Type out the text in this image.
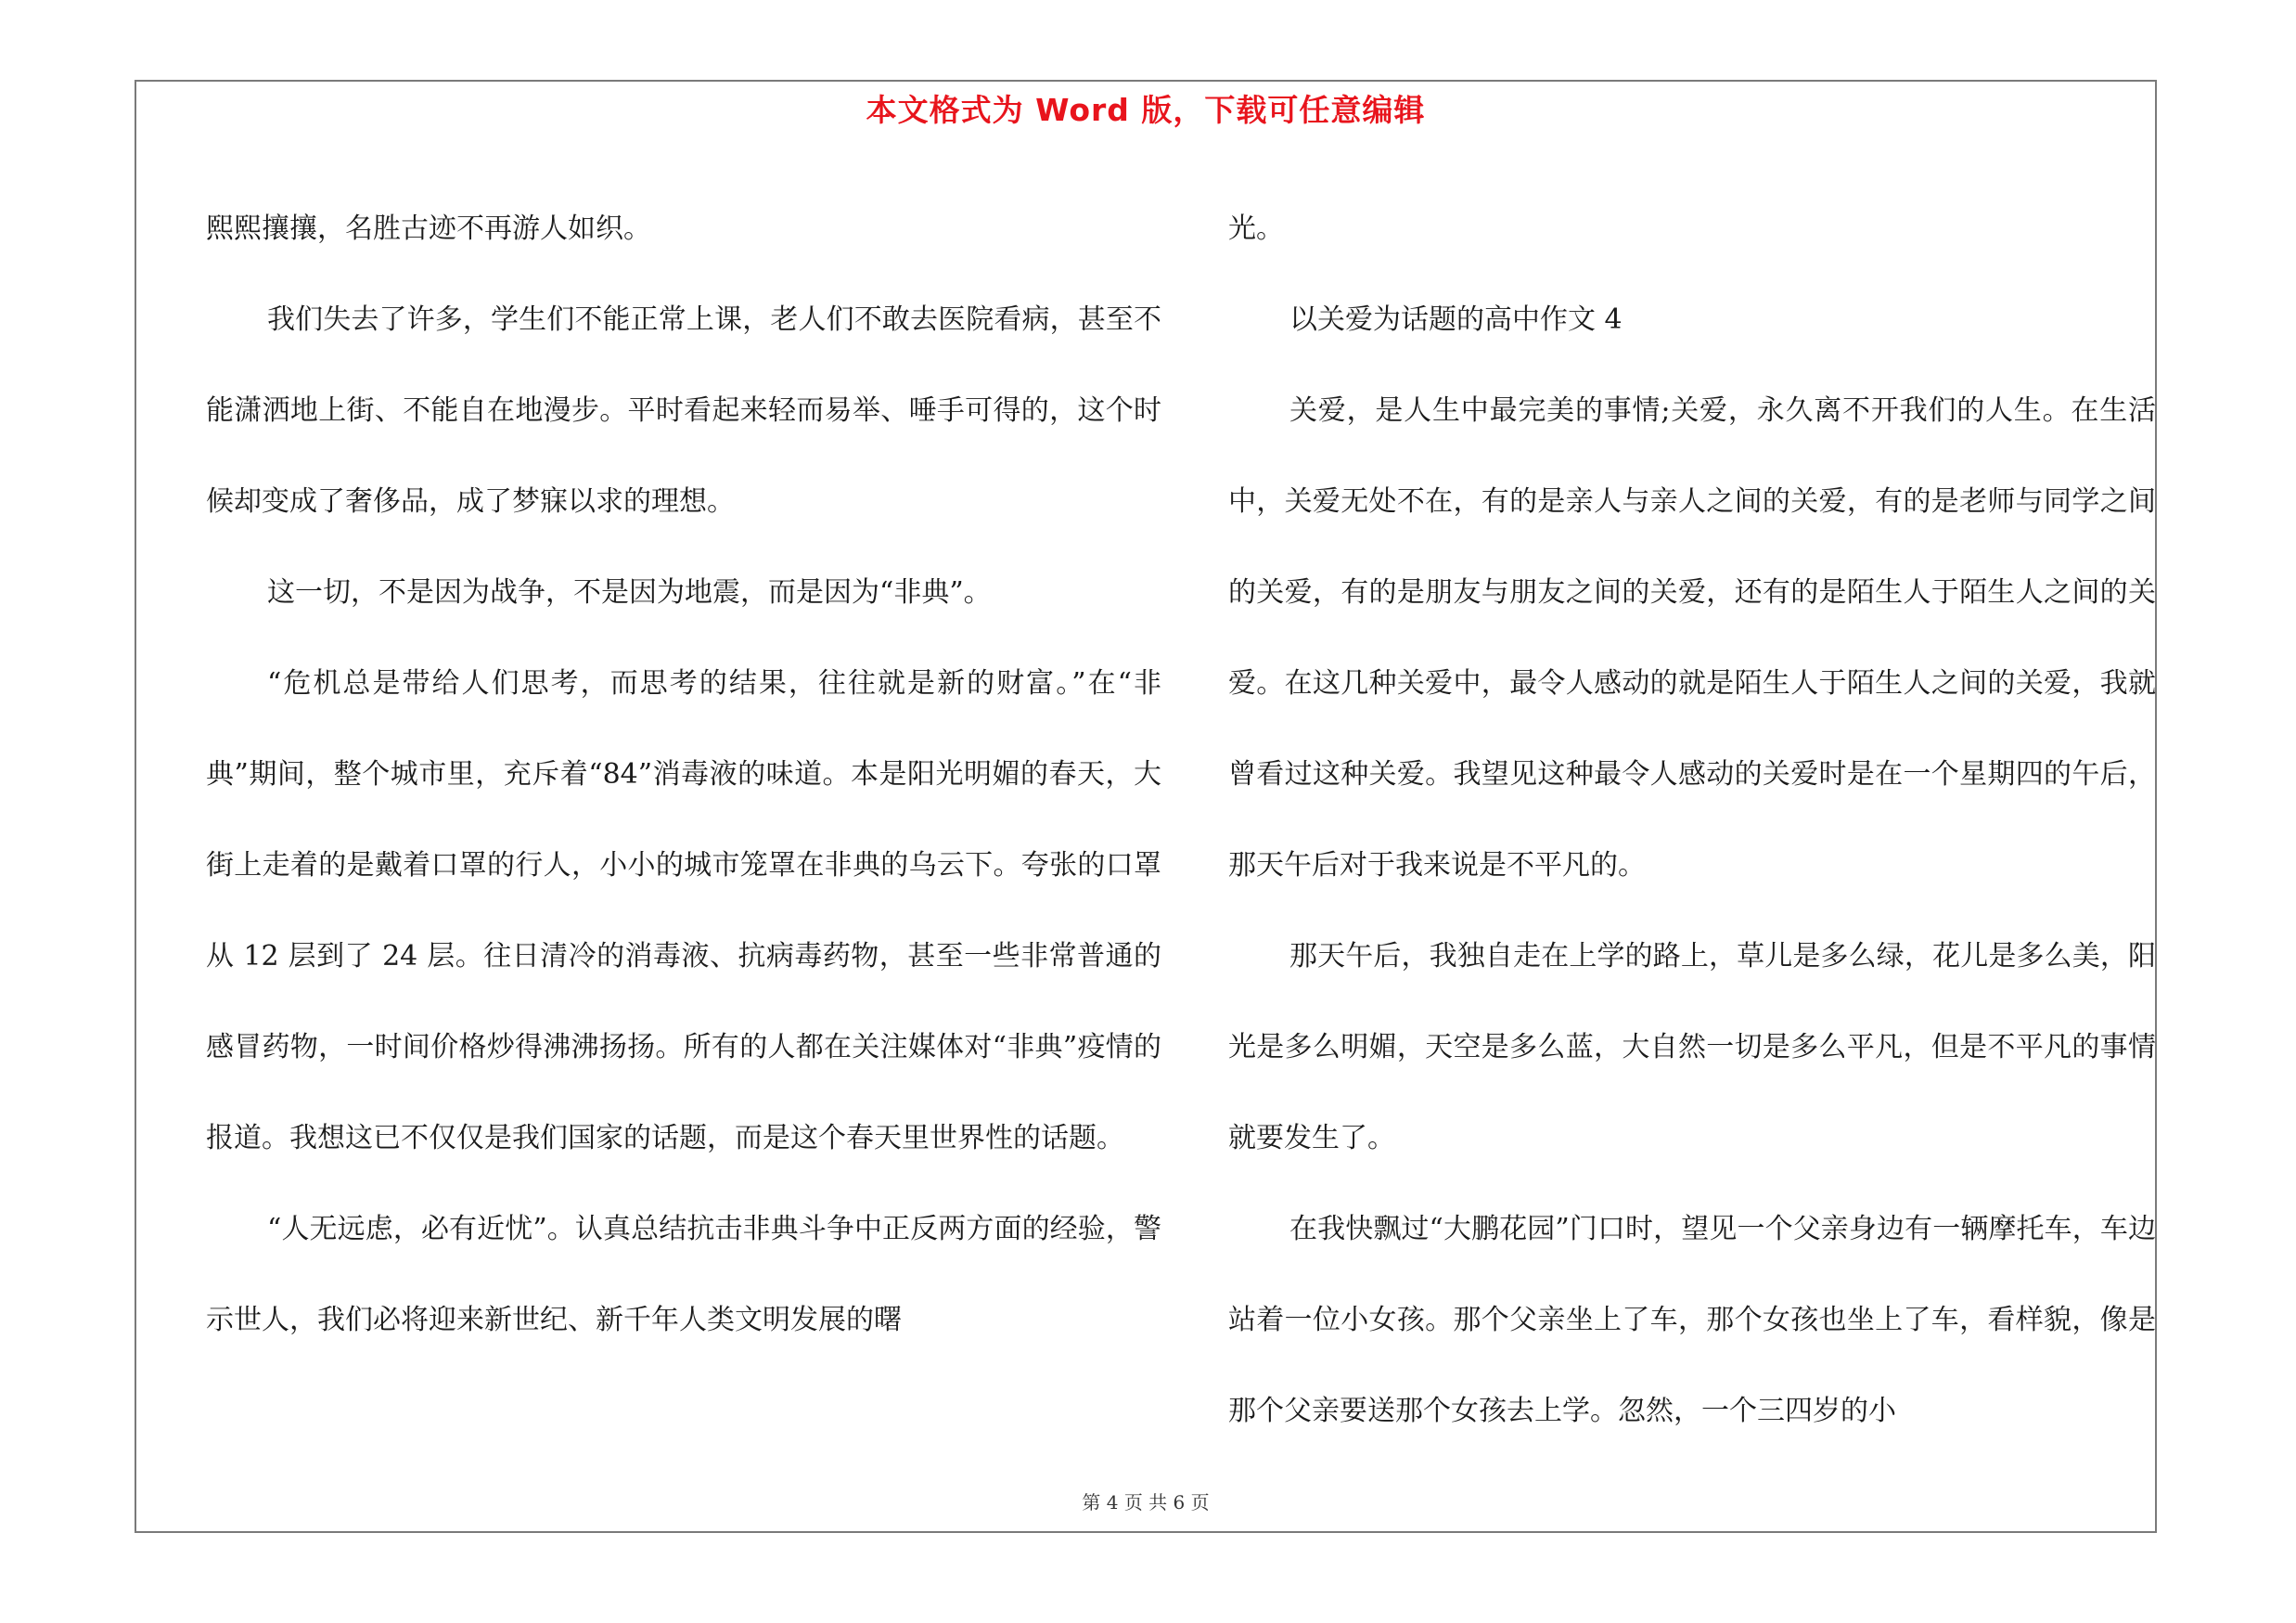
本文格式为 Word 版，下载可任意编辑

熙熙攘攘，名胜古迹不再游人如织。

我们失去了许多，学生们不能正常上课，老人们不敢去医院看病，甚至不能潇洒地上街、不能自在地漫步。平时看起来轻而易举、唾手可得的，这个时候却变成了奢侈品，成了梦寐以求的理想。

这一切，不是因为战争，不是因为地震，而是因为“非典”。

“危机总是带给人们思考，而思考的结果，往往就是新的财富。”在“非典”期间，整个城市里，充斥着“84”消毒液的味道。本是阳光明媚的春天，大街上走着的是戴着口罩的行人，小小的城市笼罩在非典的乌云下。夸张的口罩从 12 层到了 24 层。往日清冷的消毒液、抗病毒药物，甚至一些非常普通的感冒药物，一时间价格炒得沸沸扬扬。所有的人都在关注媒体对“非典”疫情的报道。我想这已不仅仅是我们国家的话题，而是这个春天里世界性的话题。

“人无远虑，必有近忧”。认真总结抗击非典斗争中正反两方面的经验，警示世人，我们必将迎来新世纪、新千年人类文明发展的曙

光。

以关爱为话题的高中作文 4

关爱，是人生中最完美的事情;关爱，永久离不开我们的人生。在生活中，关爱无处不在，有的是亲人与亲人之间的关爱，有的是老师与同学之间的关爱，有的是朋友与朋友之间的关爱，还有的是陌生人于陌生人之间的关爱。在这几种关爱中，最令人感动的就是陌生人于陌生人之间的关爱，我就曾看过这种关爱。我望见这种最令人感动的关爱时是在一个星期四的午后，那天午后对于我来说是不平凡的。

那天午后，我独自走在上学的路上，草儿是多么绿，花儿是多么美，阳光是多么明媚，天空是多么蓝，大自然一切是多么平凡，但是不平凡的事情就要发生了。

在我快飘过“大鹏花园”门口时，望见一个父亲身边有一辆摩托车，车边站着一位小女孩。那个父亲坐上了车，那个女孩也坐上了车，看样貌，像是那个父亲要送那个女孩去上学。忽然，一个三四岁的小

第 4 页 共 6 页
